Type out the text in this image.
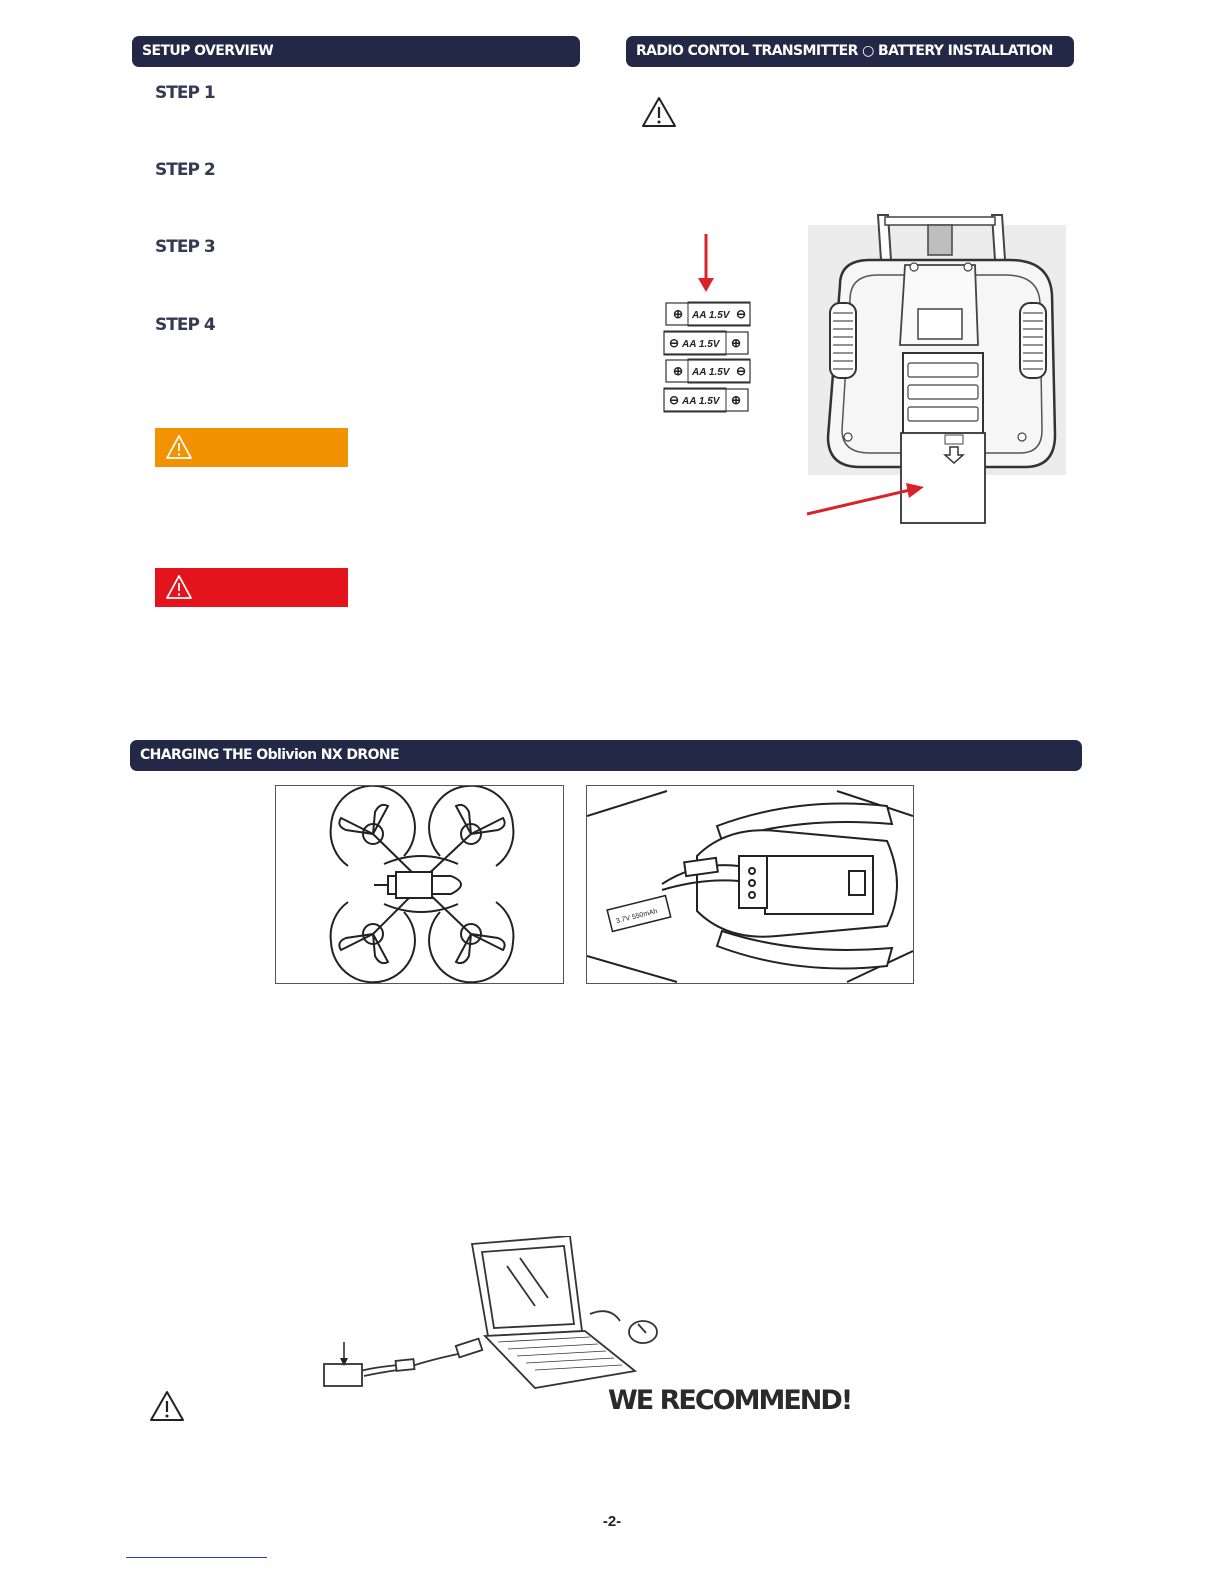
SETUP OVERVIEW	RADIO CONTOL TRANSMITTER ○ BATTERY INSTALLATION
CHARGING THE Oblivion NX DRONE
STEP 1
STEP 2
STEP 3
STEP 4
⊕ AA 1.5V ⊖
⊖ AA 1.5V ⊕
⊕ AA 1.5V ⊖
⊖ AA 1.5V ⊕
3.7V 550mAh
WE RECOMMEND!
-2-
